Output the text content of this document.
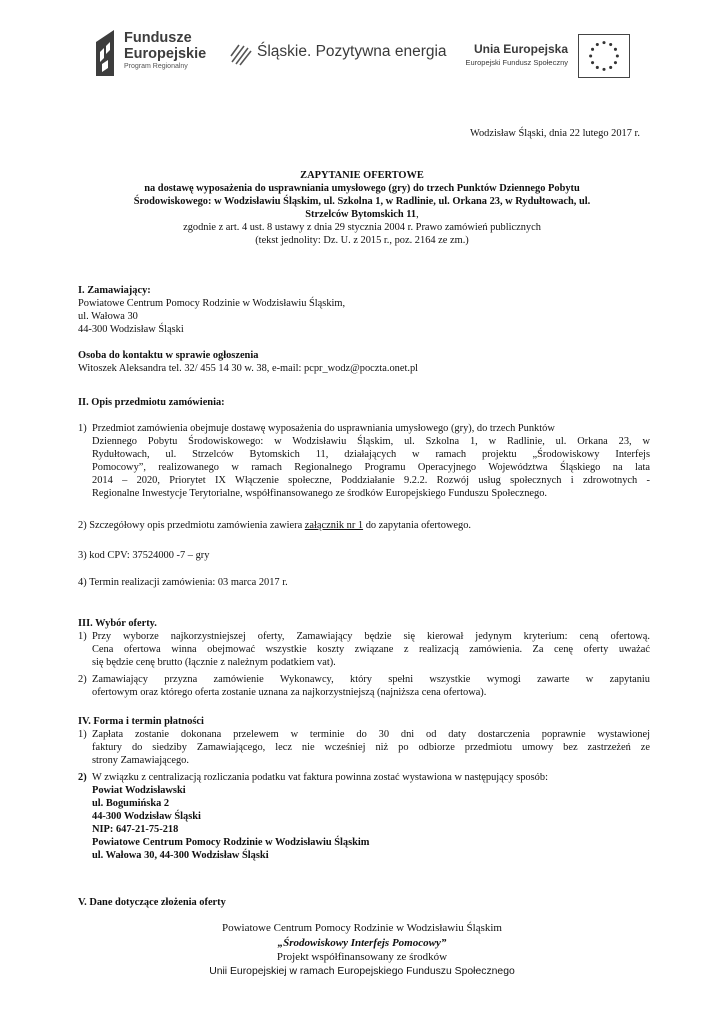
Fundusze
Europejskie
Program Regionalny
Śląskie. Pozytywna energia	Unia Europejska
Europejski Fundusz Społeczny
Wodzisław Śląski, dnia 22 lutego 2017 r.
ZAPYTANIE OFERTOWE
na dostawę wyposażenia do usprawniania umysłowego (gry) do trzech Punktów Dziennego Pobytu
Środowiskowego: w Wodzisławiu Śląskim, ul. Szkolna 1, w Radlinie, ul. Orkana 23, w Rydułtowach, ul.
Strzelców Bytomskich 11,
zgodnie z art. 4 ust. 8 ustawy z dnia 29 stycznia 2004 r. Prawo zamówień publicznych
(tekst jednolity: Dz. U. z 2015 r., poz. 2164 ze zm.)
I. Zamawiający:
Powiatowe Centrum Pomocy Rodzinie w Wodzisławiu Śląskim,
ul. Wałowa 30
44-300 Wodzisław Śląski
Osoba do kontaktu w sprawie ogłoszenia
Witoszek Aleksandra tel. 32/ 455 14 30 w. 38, e-mail: pcpr_wodz@poczta.onet.pl
II. Opis przedmiotu zamówienia:
1) Przedmiot zamówienia obejmuje dostawę wyposażenia do usprawniania umysłowego (gry), do trzech Punktów
Dziennego Pobytu Środowiskowego: w Wodzisławiu Śląskim, ul. Szkolna 1, w Radlinie, ul. Orkana 23, w
Rydułtowach, ul. Strzelców Bytomskich 11, działających w ramach projektu „Środowiskowy Interfejs
Pomocowy”, realizowanego w ramach Regionalnego Programu Operacyjnego Województwa Śląskiego na lata
2014 – 2020, Priorytet IX Włączenie społeczne, Poddziałanie 9.2.2. Rozwój usług społecznych i zdrowotnych -
Regionalne Inwestycje Terytorialne, współfinansowanego ze środków Europejskiego Funduszu Społecznego.
2) Szczegółowy opis przedmiotu zamówienia zawiera załącznik nr 1 do zapytania ofertowego.
3) kod CPV: 37524000 -7 – gry
4) Termin realizacji zamówienia: 03 marca 2017 r.
III. Wybór oferty.
1) Przy wyborze najkorzystniejszej oferty, Zamawiający będzie się kierował jedynym kryterium: ceną ofertową.
Cena ofertowa winna obejmować wszystkie koszty związane z realizacją zamówienia. Za cenę oferty uważać
się będzie cenę brutto (łącznie z należnym podatkiem vat).
2) Zamawiający przyzna zamówienie Wykonawcy, który spełni wszystkie wymogi zawarte w zapytaniu
ofertowym oraz którego oferta zostanie uznana za najkorzystniejszą (najniższa cena ofertowa).
IV. Forma i termin płatności
1) Zapłata zostanie dokonana przelewem w terminie do 30 dni od daty dostarczenia poprawnie wystawionej
faktury do siedziby Zamawiającego, lecz nie wcześniej niż po odbiorze przedmiotu umowy bez zastrzeżeń ze
strony Zamawiającego.
2) W związku z centralizacją rozliczania podatku vat faktura powinna zostać wystawiona w następujący sposób:
Powiat Wodzisławski
ul. Bogumińska 2
44-300 Wodzisław Śląski
NIP: 647-21-75-218
Powiatowe Centrum Pomocy Rodzinie w Wodzisławiu Śląskim
ul. Wałowa 30, 44-300 Wodzisław Śląski
V. Dane dotyczące złożenia oferty
Powiatowe Centrum Pomocy Rodzinie w Wodzisławiu Śląskim
„Środowiskowy Interfejs Pomocowy”
Projekt współfinansowany ze środków
Unii Europejskiej w ramach Europejskiego Funduszu Społecznego
